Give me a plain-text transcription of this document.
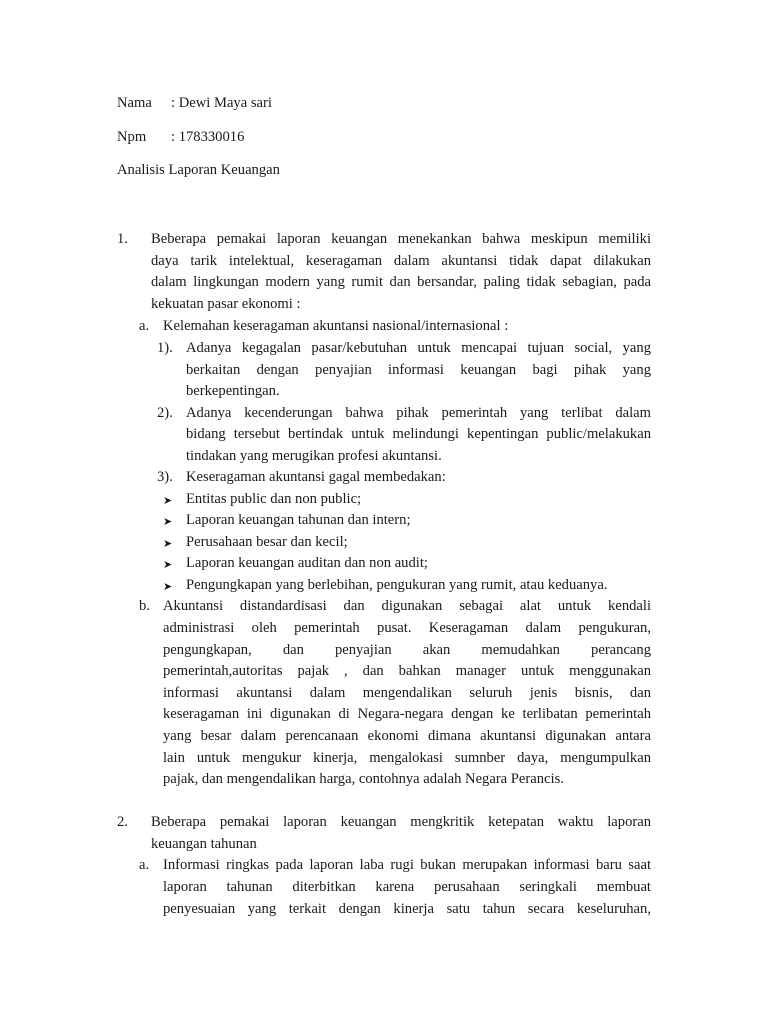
Nama : Dewi Maya sari
Npm : 178330016
Analisis Laporan Keuangan
1. Beberapa pemakai laporan keuangan menekankan bahwa meskipun memiliki
daya tarik intelektual, keseragaman dalam akuntansi tidak dapat dilakukan
dalam lingkungan modern yang rumit dan bersandar, paling tidak sebagian, pada
kekuatan pasar ekonomi :
a. Kelemahan keseragaman akuntansi nasional/internasional :
1). Adanya kegagalan pasar/kebutuhan untuk mencapai tujuan social, yang
berkaitan dengan penyajian informasi keuangan bagi pihak yang
berkepentingan.
2). Adanya kecenderungan bahwa pihak pemerintah yang terlibat dalam
bidang tersebut bertindak untuk melindungi kepentingan public/melakukan
tindakan yang merugikan profesi akuntansi.
3). Keseragaman akuntansi gagal membedakan:
➤ Entitas public dan non public;
➤ Laporan keuangan tahunan dan intern;
➤ Perusahaan besar dan kecil;
➤ Laporan keuangan auditan dan non audit;
➤ Pengungkapan yang berlebihan, pengukuran yang rumit, atau keduanya.
b. Akuntansi distandardisasi dan digunakan sebagai alat untuk kendali
administrasi oleh pemerintah pusat. Keseragaman dalam pengukuran,
pengungkapan, dan penyajian akan memudahkan perancang
pemerintah,autoritas pajak , dan bahkan manager untuk menggunakan
informasi akuntansi dalam mengendalikan seluruh jenis bisnis, dan
keseragaman ini digunakan di Negara-negara dengan ke terlibatan pemerintah
yang besar dalam perencanaan ekonomi dimana akuntansi digunakan antara
lain untuk mengukur kinerja, mengalokasi sumnber daya, mengumpulkan
pajak, dan mengendalikan harga, contohnya adalah Negara Perancis.
2. Beberapa pemakai laporan keuangan mengkritik ketepatan waktu laporan
keuangan tahunan
a. Informasi ringkas pada laporan laba rugi bukan merupakan informasi baru saat
laporan tahunan diterbitkan karena perusahaan seringkali membuat
penyesuaian yang terkait dengan kinerja satu tahun secara keseluruhan,
